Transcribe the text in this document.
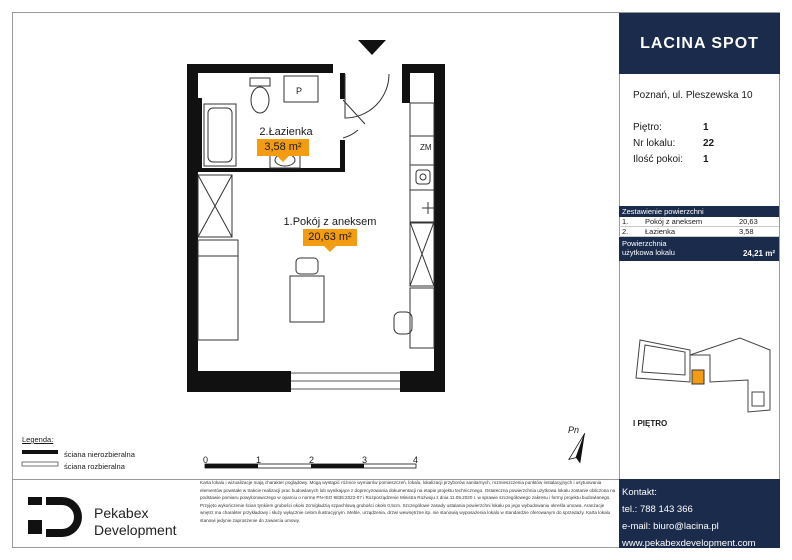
P
ZM
2.Łazienka
3,58 m²
1.Pokój z aneksem
20,63 m²
LACINA SPOT
Poznań, ul. Pleszewska 10
Piętro:	1
Nr lokalu:	22
Ilość pokoi:	1
Zestawienie powierzchni
1.	Pokój z aneksem	20,63
2.	Łazienka	3,58
Powierzchnia
użytkowa lokalu	24,21 m²
I PIĘTRO
Kontakt:
tel.: 788 143 366
e-mail: biuro@lacina.pl
www.pekabexdevelopment.com
Legenda:
ściana nierozbieralna
ściana rozbieralna
0	1	2	3	4
Pn
Karta lokalu i wizualizacje mają charakter poglądowy. Mogą wystąpić różnice wymiarów pomieszczeń, lokalu, lokalizacji przyborów sanitarnych, rozmieszczenia punktów instalacyjnych i usytuowania elementów powstałe w trakcie realizacji prac budowlanych lub wynikające z doprecyzowania dokumentacji na etapie projektu technicznego. Ostateczna powierzchnia użytkowa lokalu zostanie obliczona na podstawie pomiaru powykonawczego w oparciu o normę PN-ISO 9836:2022-07 i Rozporządzenie Ministra Rozwoju z dnia 11.09.2020 r. w sprawie szczegółowego zakresu i formy projektu budowlanego. Przyjęto wykończenie ścian tynkiem grubości około 2cm/gładzią szpachlową grubości około 0,5cm. Szczegółowe zasady ustalania powierzchni lokalu po jego wybudowaniu określa umowa. Aranżacje wnętrz ma charakter przykładowy i służy wyłącznie celom ilustracyjnym. Meble, urządzenia, drzwi wewnętrzne itp. nie stanowią wyposażenia lokalu w standardzie oferowanym do sprzedaży. Karta lokalu stanowi jedynie zaproszenie do zawarcia umowy.
Pekabex
Development
